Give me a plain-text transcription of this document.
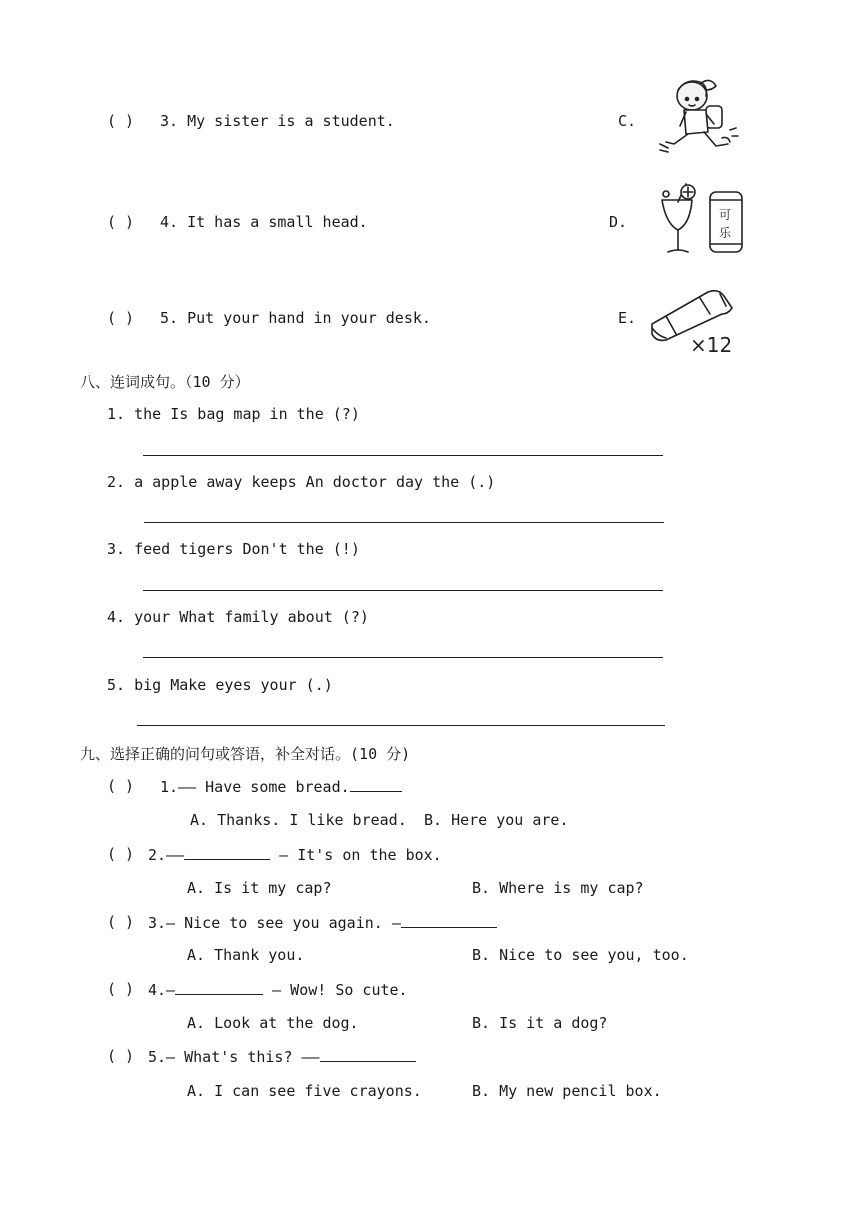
( ) 3. My sister is a student.	C.
( ) 4. It has a small head.	D.
( ) 5. Put your hand in your desk.	E.
可
乐
×12
八、连词成句。（10 分）
1. the Is bag map in the (?)
2. a apple away keeps An doctor day the (.)
3. feed tigers Don't the (!)
4. your What family about (?)
5. big Make eyes your (.)
九、选择正确的问句或答语，补全对话。(10 分)
( ) 1.—— Have some bread.
A. Thanks. I like bread. B. Here you are.
( ) 2.——	— It's on the box.
A. Is it my cap?	B. Where is my cap?
( ) 3.— Nice to see you again. —
A. Thank you.	B. Nice to see you, too.
( ) 4.—	— Wow! So cute.
A. Look at the dog.	B. Is it a dog?
( ) 5.— What's this? ——
A. I can see five crayons.	B. My new pencil box.
